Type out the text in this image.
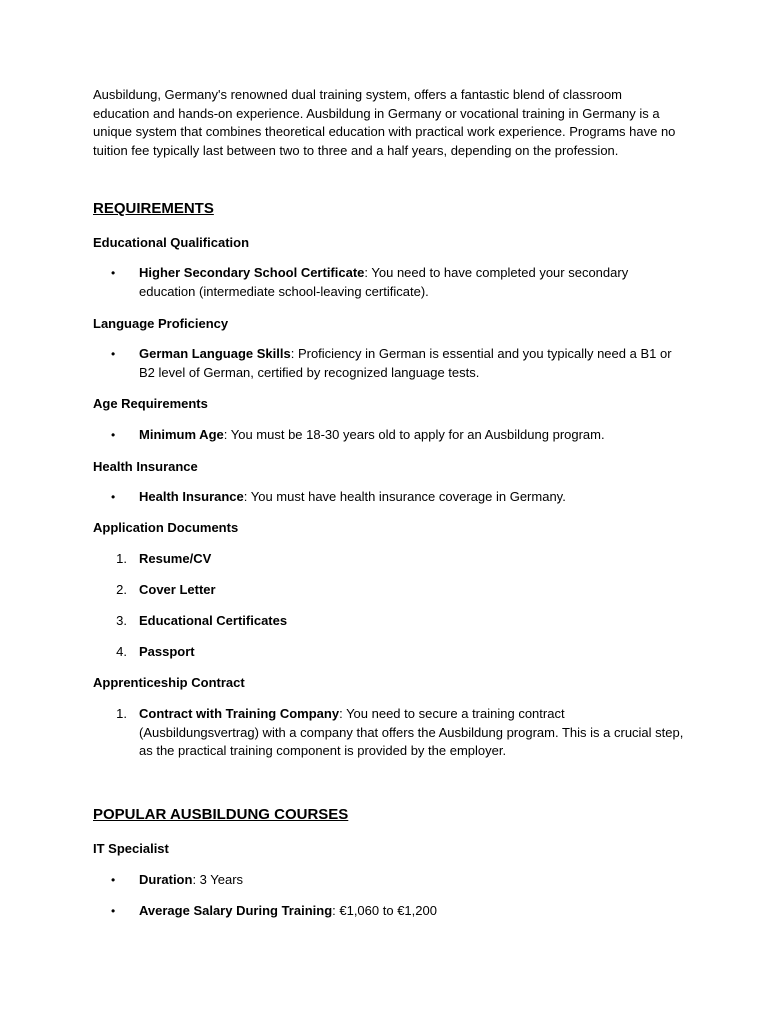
Ausbildung, Germany's renowned dual training system, offers a fantastic blend of classroom education and hands-on experience. Ausbildung in Germany or vocational training in Germany is a unique system that combines theoretical education with practical work experience. Programs have no tuition fee typically last between two to three and a half years, depending on the profession.

REQUIREMENTS

Educational Qualification

•	Higher Secondary School Certificate: You need to have completed your secondary education (intermediate school-leaving certificate).

Language Proficiency

•	German Language Skills: Proficiency in German is essential and you typically need a B1 or B2 level of German, certified by recognized language tests.

Age Requirements

•	Minimum Age: You must be 18-30 years old to apply for an Ausbildung program.

Health Insurance

•	Health Insurance: You must have health insurance coverage in Germany.

Application Documents

1. Resume/CV

2. Cover Letter

3. Educational Certificates

4. Passport

Apprenticeship Contract

1. Contract with Training Company: You need to secure a training contract (Ausbildungsvertrag) with a company that offers the Ausbildung program. This is a crucial step, as the practical training component is provided by the employer.

POPULAR AUSBILDUNG COURSES

IT Specialist

•	Duration: 3 Years

•	Average Salary During Training: €1,060 to €1,200
